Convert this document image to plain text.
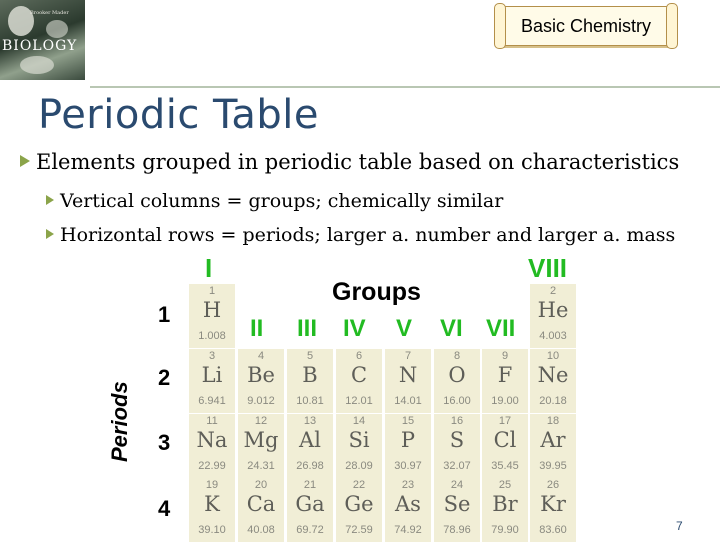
Brooker Mader
BIOLOGY
Basic Chemistry
Periodic Table
Elements grouped in periodic table based on characteristics
Vertical columns = groups; chemically similar
Horizontal rows = periods; larger a. number and larger a. mass
I	VIII
Groups
II III IV V VI VII
Periods
1
2
3
4
1
H
1.008
2
He
4.003
3
Li
6.941
4
Be
9.012
5
B
10.81
6
C
12.01
7
N
14.01
8
O
16.00
9
F
19.00
10
Ne
20.18
11
Na
22.99
12
Mg
24.31
13
Al
26.98
14
Si
28.09
15
P
30.97
16
S
32.07
17
Cl
35.45
18
Ar
39.95
19
K
39.10
20
Ca
40.08
21
Ga
69.72
22
Ge
72.59
23
As
74.92
24
Se
78.96
25
Br
79.90
26
Kr
83.60	7
